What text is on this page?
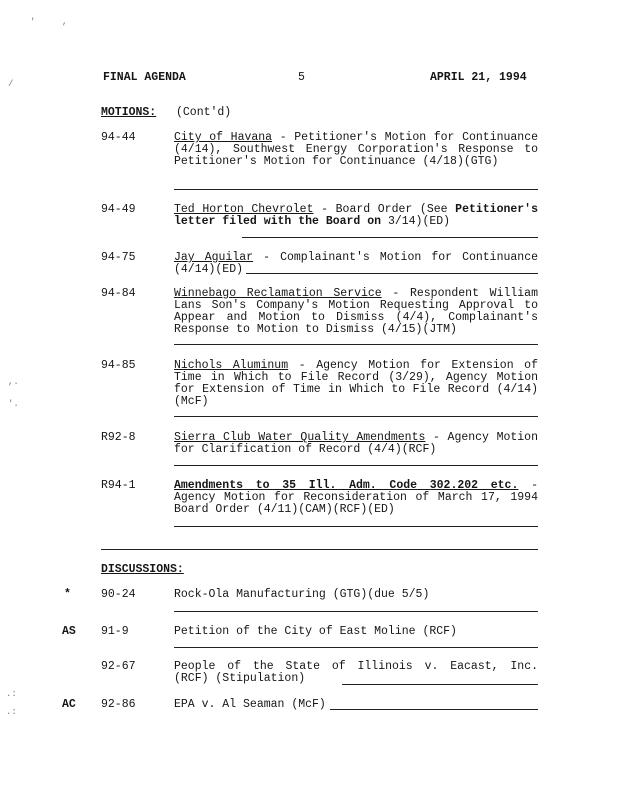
'	,
/
,.
'.
.:
.:
FINAL AGENDA	5	APRIL 21, 1994
MOTIONS: (Cont'd)
94-44	City of Havana - Petitioner's Motion for Continuance (4/14), Southwest Energy Corporation's Response to Petitioner's Motion for Continuance (4/18)(GTG)
94-49	Ted Horton Chevrolet - Board Order (See Petitioner's letter filed with the Board on 3/14)(ED)
94-75	Jay Aguilar - Complainant's Motion for Continuance (4/14)(ED)
94-84	Winnebago Reclamation Service - Respondent William Lans Son's Company's Motion Requesting Approval to Appear and Motion to Dismiss (4/4), Complainant's Response to Motion to Dismiss (4/15)(JTM)
94-85	Nichols Aluminum - Agency Motion for Extension of Time in Which to File Record (3/29), Agency Motion for Extension of Time in Which to File Record (4/14)(McF)
R92-8	Sierra Club Water Quality Amendments - Agency Motion for Clarification of Record (4/4)(RCF)
R94-1	Amendments to 35 Ill. Adm. Code 302.202 etc. - Agency Motion for Reconsideration of March 17, 1994 Board Order (4/11)(CAM)(RCF)(ED)
DISCUSSIONS:
*	90-24	Rock-Ola Manufacturing (GTG)(due 5/5)
AS 91-9	Petition of the City of East Moline (RCF)
92-67	People of the State of Illinois v. Eacast, Inc. (RCF) (Stipulation)
AC 92-86	EPA v. Al Seaman (McF)
